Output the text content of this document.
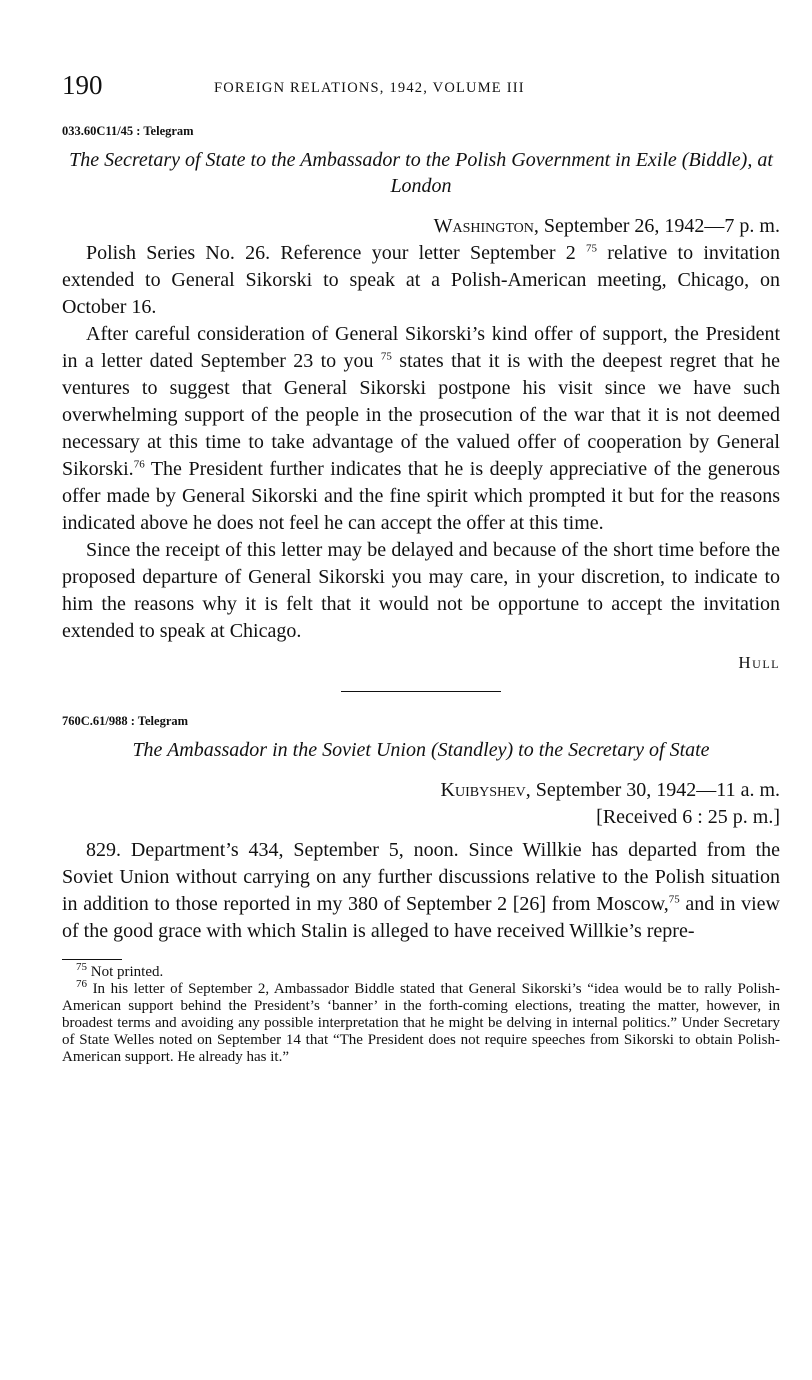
190	FOREIGN RELATIONS, 1942, VOLUME III
033.60C11/45 : Telegram
The Secretary of State to the Ambassador to the Polish Government in Exile (Biddle), at London
Washington, September 26, 1942—7 p. m.

Polish Series No. 26. Reference your letter September 2 $^{75}$ relative to invitation extended to General Sikorski to speak at a Polish-American meeting, Chicago, on October 16.

After careful consideration of General Sikorski’s kind offer of support, the President in a letter dated September 23 to you $^{75}$ states that it is with the deepest regret that he ventures to suggest that General Sikorski postpone his visit since we have such overwhelming support of the people in the prosecution of the war that it is not deemed necessary at this time to take advantage of the valued offer of cooperation by General Sikorski.$^{76}$ The President further indicates that he is deeply appreciative of the generous offer made by General Sikorski and the fine spirit which prompted it but for the reasons indicated above he does not feel he can accept the offer at this time.

Since the receipt of this letter may be delayed and because of the short time before the proposed departure of General Sikorski you may care, in your discretion, to indicate to him the reasons why it is felt that it would not be opportune to accept the invitation extended to speak at Chicago.

Hull
760C.61/988 : Telegram
The Ambassador in the Soviet Union (Standley) to the Secretary of State
Kuibyshev, September 30, 1942—11 a. m.
[Received 6 : 25 p. m.]

829. Department’s 434, September 5, noon. Since Willkie has departed from the Soviet Union without carrying on any further discussions relative to the Polish situation in addition to those reported in my 380 of September 2 [26] from Moscow,$^{75}$ and in view of the good grace with which Stalin is alleged to have received Willkie’s repre-

$^{75}$ Not printed.

$^{76}$ In his letter of September 2, Ambassador Biddle stated that General Sikorski’s “idea would be to rally Polish-American support behind the President’s ‘banner’ in the forth-coming elections, treating the matter, however, in broadest terms and avoiding any possible interpretation that he might be delving in internal politics.” Under Secretary of State Welles noted on September 14 that “The President does not require speeches from Sikorski to obtain Polish-American support. He already has it.”
